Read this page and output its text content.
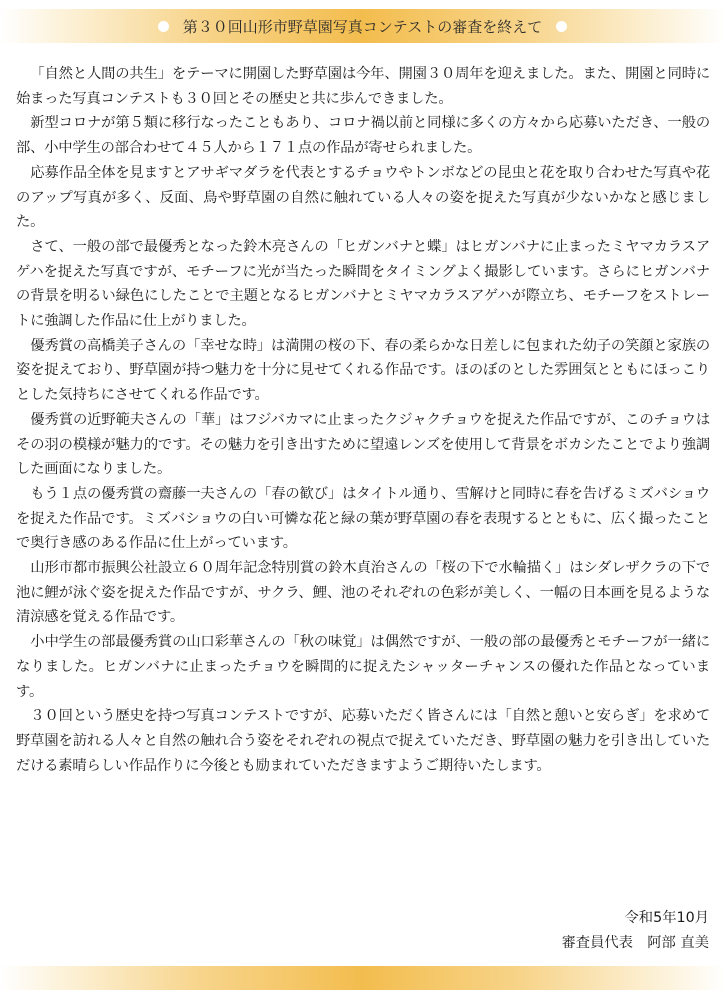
第３０回山形市野草園写真コンテストの審査を終えて

「自然と人間の共生」をテーマに開園した野草園は今年、開園３０周年を迎えました。また、開園と同時に始まった写真コンテストも３０回とその歴史と共に歩んできました。

新型コロナが第５類に移行なったこともあり、コロナ禍以前と同様に多くの方々から応募いただき、一般の部、小中学生の部合わせて４５人から１７１点の作品が寄せられました。

応募作品全体を見ますとアサギマダラを代表とするチョウやトンボなどの昆虫と花を取り合わせた写真や花のアップ写真が多く、反面、鳥や野草園の自然に触れている人々の姿を捉えた写真が少ないかなと感じました。

さて、一般の部で最優秀となった鈴木亮さんの「ヒガンバナと蝶」はヒガンバナに止まったミヤマカラスアゲハを捉えた写真ですが、モチーフに光が当たった瞬間をタイミングよく撮影しています。さらにヒガンバナの背景を明るい緑色にしたことで主題となるヒガンバナとミヤマカラスアゲハが際立ち、モチーフをストレートに強調した作品に仕上がりました。

優秀賞の高橋美子さんの「幸せな時」は満開の桜の下、春の柔らかな日差しに包まれた幼子の笑顔と家族の姿を捉えており、野草園が持つ魅力を十分に見せてくれる作品です。ほのぼのとした雰囲気とともにほっこりとした気持ちにさせてくれる作品です。

優秀賞の近野範夫さんの「華」はフジバカマに止まったクジャクチョウを捉えた作品ですが、このチョウはその羽の模様が魅力的です。その魅力を引き出すために望遠レンズを使用して背景をボカシたことでより強調した画面になりました。

もう１点の優秀賞の齋藤一夫さんの「春の歓び」はタイトル通り、雪解けと同時に春を告げるミズバショウを捉えた作品です。ミズバショウの白い可憐な花と緑の葉が野草園の春を表現するとともに、広く撮ったことで奥行き感のある作品に仕上がっています。

山形市都市振興公社設立６０周年記念特別賞の鈴木貞治さんの「桜の下で水輪描く」はシダレザクラの下で池に鯉が泳ぐ姿を捉えた作品ですが、サクラ、鯉、池のそれぞれの色彩が美しく、一幅の日本画を見るような清涼感を覚える作品です。

小中学生の部最優秀賞の山口彩華さんの「秋の味覚」は偶然ですが、一般の部の最優秀とモチーフが一緒になりました。ヒガンバナに止まったチョウを瞬間的に捉えたシャッターチャンスの優れた作品となっています。

３０回という歴史を持つ写真コンテストですが、応募いただく皆さんには「自然と憩いと安らぎ」を求めて野草園を訪れる人々と自然の触れ合う姿をそれぞれの視点で捉えていただき、野草園の魅力を引き出していただける素晴らしい作品作りに今後とも励まれていただきますようご期待いたします。

令和5年10月
審査員代表　阿部 直美
